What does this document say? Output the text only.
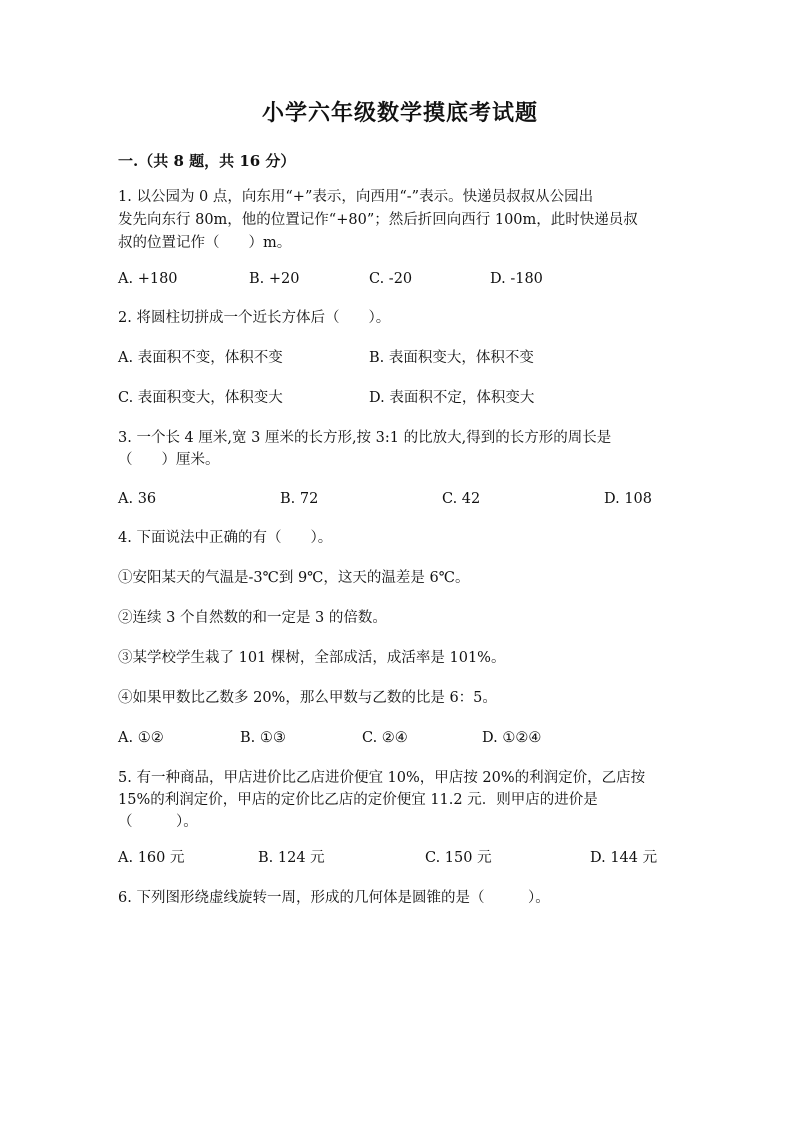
小学六年级数学摸底考试题
一.（共 8 题，共 16 分）
1. 以公园为 0 点，向东用“+”表示，向西用“-”表示。快递员叔叔从公园出
发先向东行 80m，他的位置记作“+80”；然后折回向西行 100m，此时快递员叔
叔的位置记作（　　）m。
A. +180	B. +20	C. -20	D. -180
2. 将圆柱切拼成一个近长方体后（　　）。
A. 表面积不变，体积不变	B. 表面积变大，体积不变
C. 表面积变大，体积变大	D. 表面积不定，体积变大
3. 一个长 4 厘米,宽 3 厘米的长方形,按 3:1 的比放大,得到的长方形的周长是
（　　）厘米。
A. 36	B. 72	C. 42	D. 108
4. 下面说法中正确的有（　　）。
①安阳某天的气温是-3℃到 9℃，这天的温差是 6℃。
②连续 3 个自然数的和一定是 3 的倍数。
③某学校学生栽了 101 棵树，全部成活，成活率是 101%。
④如果甲数比乙数多 20%，那么甲数与乙数的比是 6：5。
A. ①②	B. ①③	C. ②④	D. ①②④
5. 有一种商品，甲店进价比乙店进价便宜 10%，甲店按 20%的利润定价，乙店按
15%的利润定价，甲店的定价比乙店的定价便宜 11.2 元．则甲店的进价是
（　　　）。
A. 160 元	B. 124 元	C. 150 元	D. 144 元
6. 下列图形绕虚线旋转一周，形成的几何体是圆锥的是（　　　）。
